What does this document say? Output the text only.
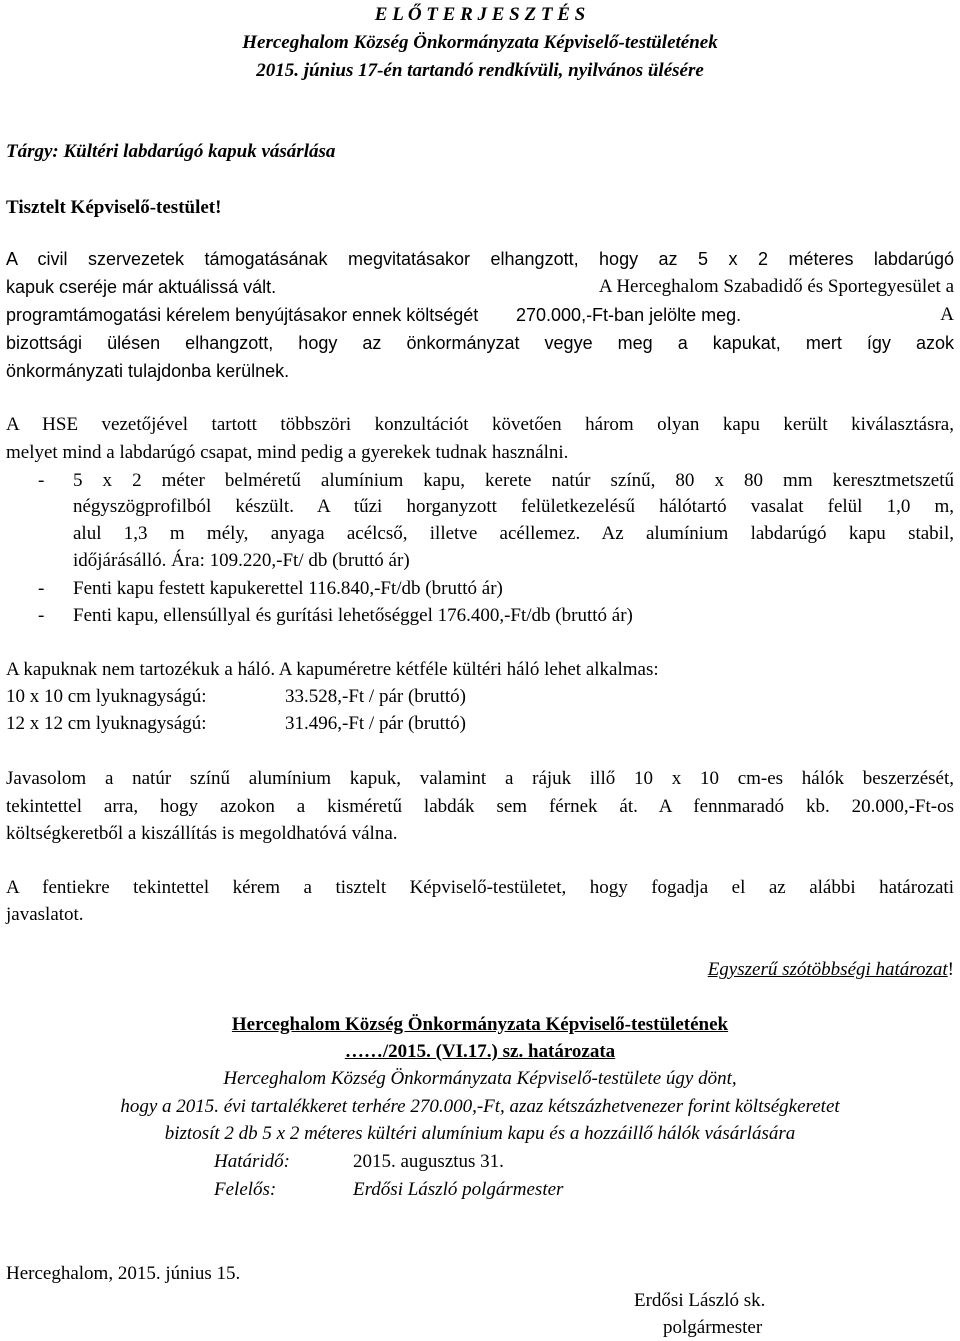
E L Ő T E R J E S Z T É S
Herceghalom Község Önkormányzata Képviselő-testületének
2015. június 17-én tartandó rendkívüli, nyilvános ülésére
Tárgy: Kültéri labdarúgó kapuk vásárlása
Tisztelt Képviselő-testület!
A civil szervezetek támogatásának megvitatásakor elhangzott, hogy az 5 x 2 méteres labdarúgó
kapuk cseréje már aktuálissá vált.	A Herceghalom Szabadidő és Sportegyesület a
programtámogatási kérelem benyújtásakor ennek költségét 270.000,-Ft-ban jelölte meg.	A
bizottsági ülésen elhangzott, hogy az önkormányzat vegye meg a kapukat, mert így azok
önkormányzati tulajdonba kerülnek.
A HSE vezetőjével tartott többszöri konzultációt követően három olyan kapu került kiválasztásra,
melyet mind a labdarúgó csapat, mind pedig a gyerekek tudnak használni.
- 5 x 2 méter belméretű alumínium kapu, kerete natúr színű, 80 x 80 mm keresztmetszetű
négyszögprofilból készült. A tűzi horganyzott felületkezelésű hálótartó vasalat felül 1,0 m,
alul 1,3 m mély, anyaga acélcső, illetve acéllemez. Az alumínium labdarúgó kapu stabil,
időjárásálló. Ára: 109.220,-Ft/ db (bruttó ár)
- Fenti kapu festett kapukerettel 116.840,-Ft/db (bruttó ár)
- Fenti kapu, ellensúllyal és gurítási lehetőséggel 176.400,-Ft/db (bruttó ár)
A kapuknak nem tartozékuk a háló. A kapuméretre kétféle kültéri háló lehet alkalmas:
10 x 10 cm lyuknagyságú:	33.528,-Ft / pár (bruttó)
12 x 12 cm lyuknagyságú:	31.496,-Ft / pár (bruttó)
Javasolom a natúr színű alumínium kapuk, valamint a rájuk illő 10 x 10 cm-es hálók beszerzését,
tekintettel arra, hogy azokon a kisméretű labdák sem férnek át. A fennmaradó kb. 20.000,-Ft-os
költségkeretből a kiszállítás is megoldhatóvá válna.
A fentiekre tekintettel kérem a tisztelt Képviselő-testületet, hogy fogadja el az alábbi határozati
javaslatot.
Egyszerű szótöbbségi határozat!
Herceghalom Község Önkormányzata Képviselő-testületének
……/2015. (VI.17.) sz. határozata
Herceghalom Község Önkormányzata Képviselő-testülete úgy dönt,
hogy a 2015. évi tartalékkeret terhére 270.000,-Ft, azaz kétszázhetvenezer forint költségkeretet
biztosít 2 db 5 x 2 méteres kültéri alumínium kapu és a hozzáillő hálók vásárlására
Határidő:	2015. augusztus 31.
Felelős:	Erdősi László polgármester
Herceghalom, 2015. június 15.
Erdősi László sk.
polgármester
